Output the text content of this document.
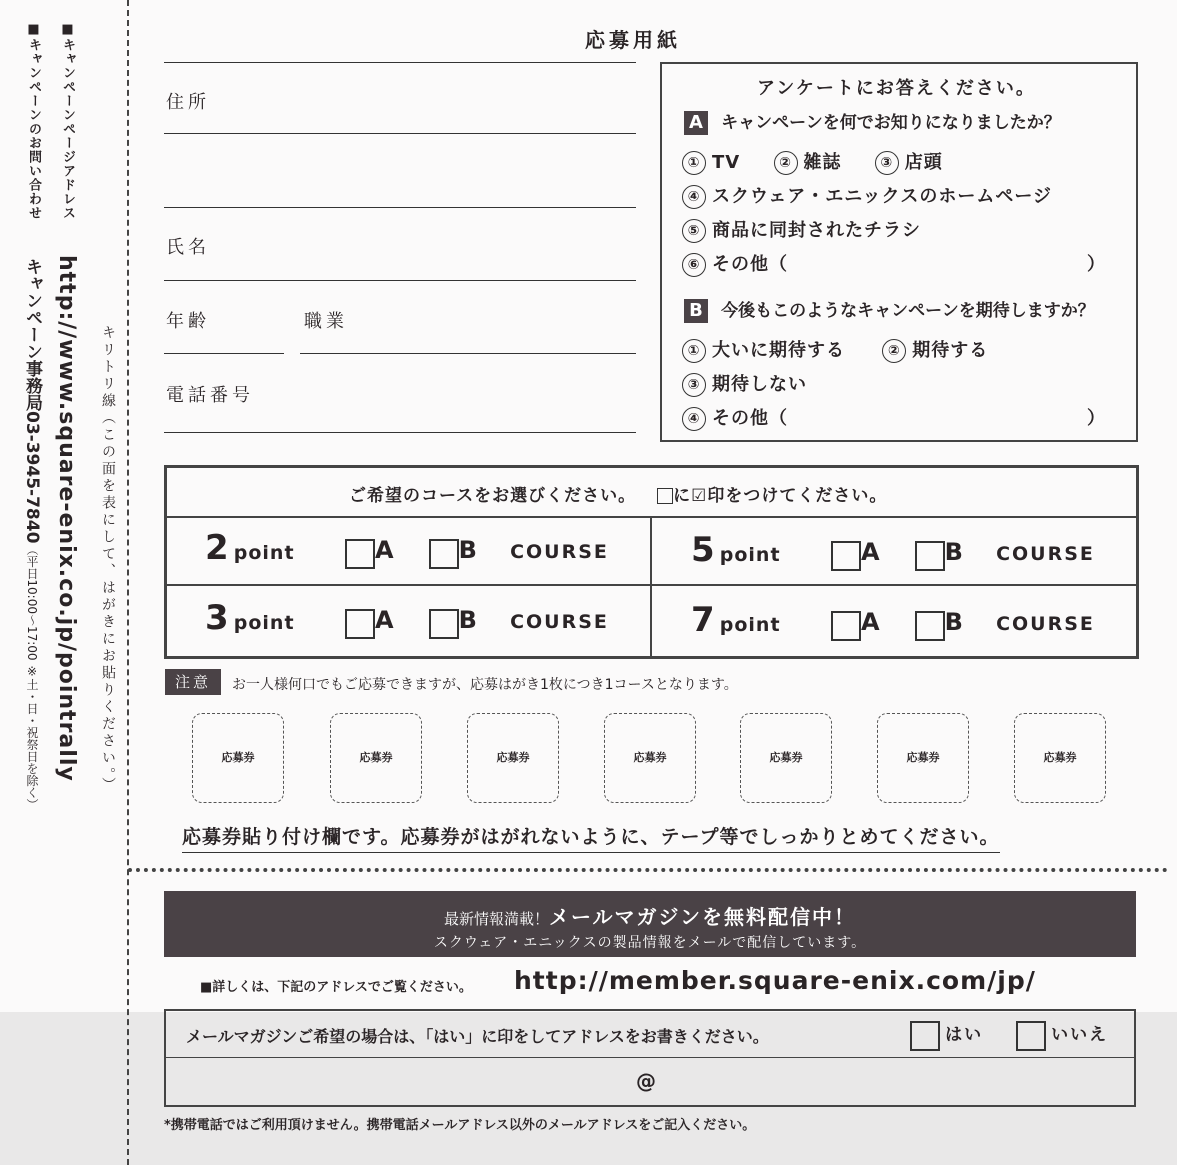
■キャンペーンページアドレス
■キャンペーンのお問い合わせ
http://www.square-enix.co.jp/pointrally
キャンペーン事務局03-3945-7840（平日10:00〜17:00 ※土・日・祝祭日を除く）	キリトリ線（この面を表にして、はがきにお貼りください。）
応募用紙
住所
氏名
年齢	職業
電話番号
アンケートにお答えください。
A キャンペーンを何でお知りになりましたか？
① TV	② 雑誌	③ 店頭
④ スクウェア・エニックスのホームページ
⑤ 商品に同封されたチラシ
⑥ その他（	）
B 今後もこのようなキャンペーンを期待しますか？
① 大いに期待する	② 期待する
③ 期待しない
④ その他（	）
ご希望のコースをお選びください。 に☑印をつけてください。
2 point	A	B COURSE 5 point	A	B COURSE
3 point	A	B COURSE 7 point	A	B COURSE
注意	お一人様何口でもご応募できますが、応募はがき1枚につき1コースとなります。
応募券	応募券	応募券	応募券	応募券	応募券	応募券
応募券貼り付け欄です。応募券がはがれないように、テープ等でしっかりとめてください。
最新情報満載！メールマガジンを無料配信中！
スクウェア・エニックスの製品情報をメールで配信しています。
■詳しくは、下記のアドレスでご覧ください。 http://member.square-enix.com/jp/
メールマガジンご希望の場合は、「はい」に印をしてアドレスをお書きください。	はい	いいえ
@
*携帯電話ではご利用頂けません。携帯電話メールアドレス以外のメールアドレスをご記入ください。
